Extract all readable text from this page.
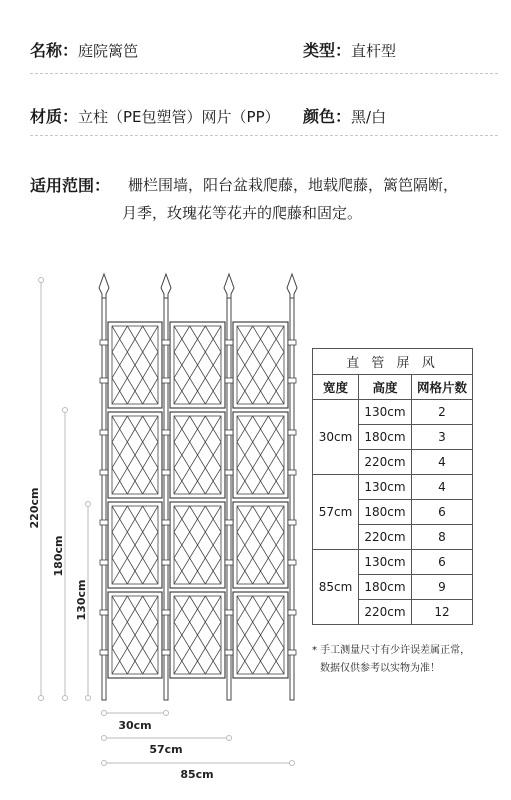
名称：庭院篱笆	类型：直杆型
材质：立柱（PE包塑管）网片（PP） 颜色：黑/白
适用范围： 栅栏围墙，阳台盆栽爬藤，地载爬藤，篱笆隔断，
月季，玫瑰花等花卉的爬藤和固定。
220cm
180cm
130cm
30cm
57cm
85cm
直 管 屏 风		
宽度	高度	网格片数
30cm	130cm	2
	180cm	3
	220cm	4
57cm	130cm	4
	180cm	6
	220cm	8
85cm	130cm	6
	180cm	9
	220cm	12
* 手工测量尺寸有少许误差属正常，
数据仅供参考以实物为准！
